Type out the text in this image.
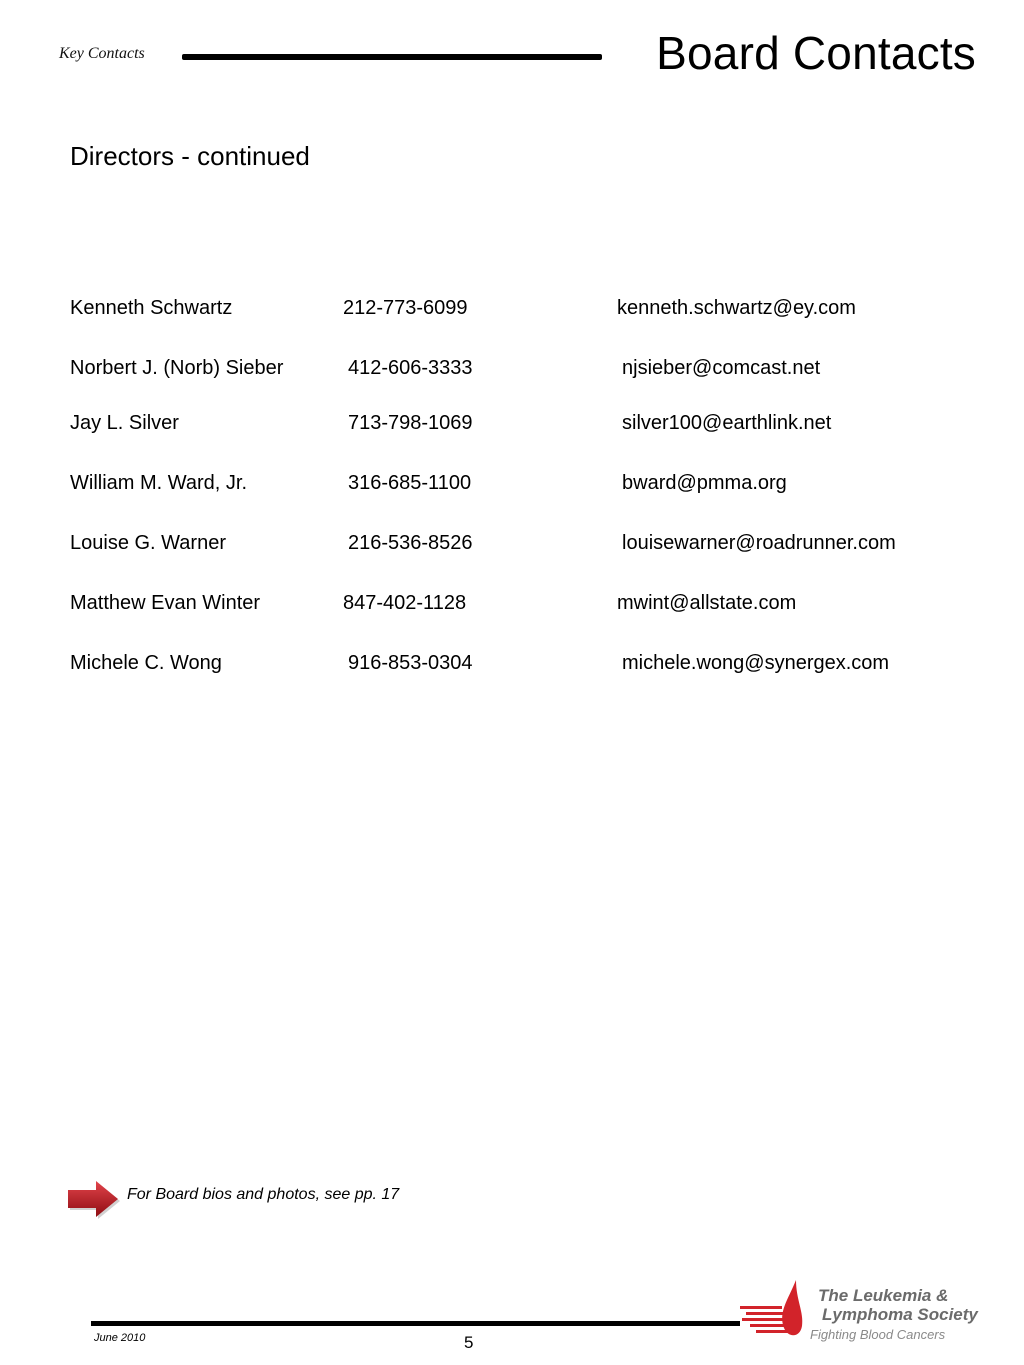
Key Contacts	Board Contacts
Directors - continued
Kenneth Schwartz	212-773-6099	kenneth.schwartz@ey.com
Norbert J. (Norb) Sieber	412-606-3333	njsieber@comcast.net
Jay L. Silver	713-798-1069	silver100@earthlink.net
William M. Ward, Jr.	316-685-1100	bward@pmma.org
Louise G. Warner	216-536-8526	louisewarner@roadrunner.com
Matthew Evan Winter	847-402-1128	mwint@allstate.com
Michele C. Wong	916-853-0304	michele.wong@synergex.com
For Board bios and photos, see pp. 17
June 2010	5
The Leukemia &
Lymphoma Society
Fighting Blood Cancers
